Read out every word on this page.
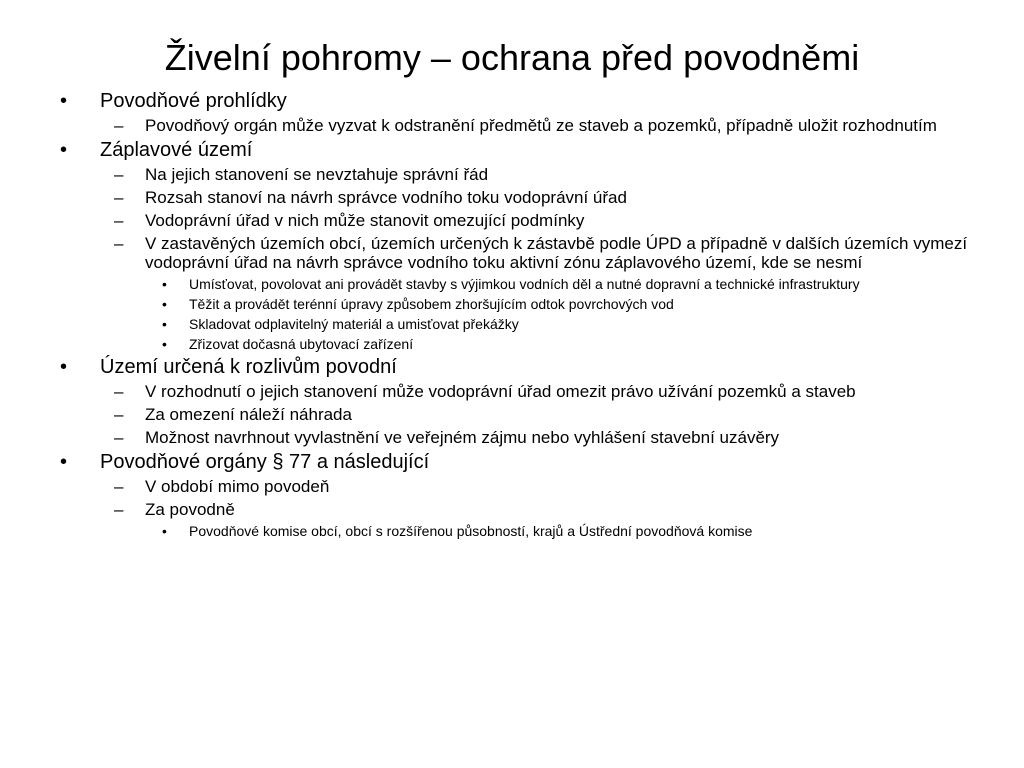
Živelní pohromy – ochrana před povodněmi
•	Povodňové prohlídky
–	Povodňový orgán může vyzvat k odstranění předmětů ze staveb a pozemků, případně uložit rozhodnutím
•	Záplavové území
–	Na jejich stanovení se nevztahuje správní řád
–	Rozsah stanoví na návrh správce vodního toku vodoprávní úřad
–	Vodoprávní úřad v nich může stanovit omezující podmínky
–	V zastavěných územích obcí, územích určených k zástavbě podle ÚPD a případně v dalších územích vymezí vodoprávní úřad na návrh správce vodního toku aktivní zónu záplavového území, kde se nesmí
•	Umísťovat, povolovat ani provádět stavby s výjimkou vodních děl a nutné dopravní a technické infrastruktury
•	Těžit a provádět terénní úpravy způsobem zhoršujícím odtok povrchových vod
•	Skladovat odplavitelný materiál a umisťovat překážky
•	Zřizovat dočasná ubytovací zařízení
•	Území určená k rozlivům povodní
–	V rozhodnutí o jejich stanovení může vodoprávní úřad omezit právo užívání pozemků a staveb
–	Za omezení náleží náhrada
–	Možnost navrhnout vyvlastnění ve veřejném zájmu nebo vyhlášení stavební uzávěry
•	Povodňové orgány § 77 a následující
–	V období mimo povodeň
–	Za povodně
•	Povodňové komise obcí, obcí s rozšířenou působností, krajů a Ústřední povodňová komise
